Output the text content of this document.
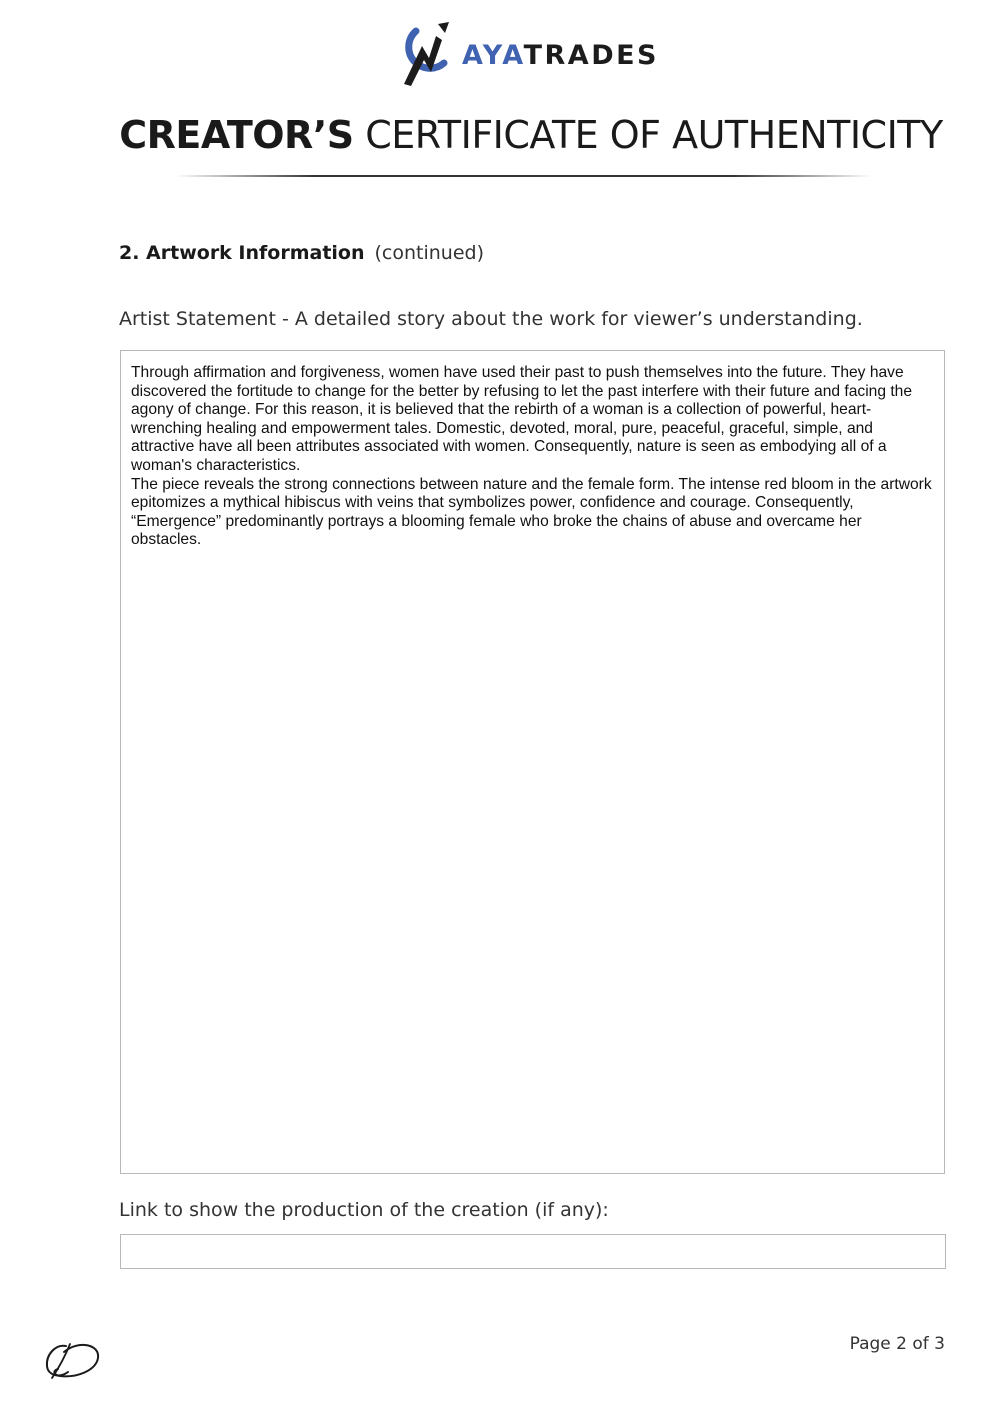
AYATRADES
CREATOR’S CERTIFICATE OF AUTHENTICITY
2. Artwork Information (continued)
Artist Statement - A detailed story about the work for viewer’s understanding.

Through affirmation and forgiveness, women have used their past to push themselves into the future. They have discovered the fortitude to change for the better by refusing to let the past interfere with their future and facing the agony of change. For this reason, it is believed that the rebirth of a woman is a collection of powerful, heart-wrenching healing and empowerment tales. Domestic, devoted, moral, pure, peaceful, graceful, simple, and attractive have all been attributes associated with women. Consequently, nature is seen as embodying all of a woman's characteristics.

The piece reveals the strong connections between nature and the female form. The intense red bloom in the artwork epitomizes a mythical hibiscus with veins that symbolizes power, confidence and courage. Consequently, “Emergence” predominantly portrays a blooming female who broke the chains of abuse and overcame her obstacles.

Link to show the production of the creation (if any):
Page 2 of 3
